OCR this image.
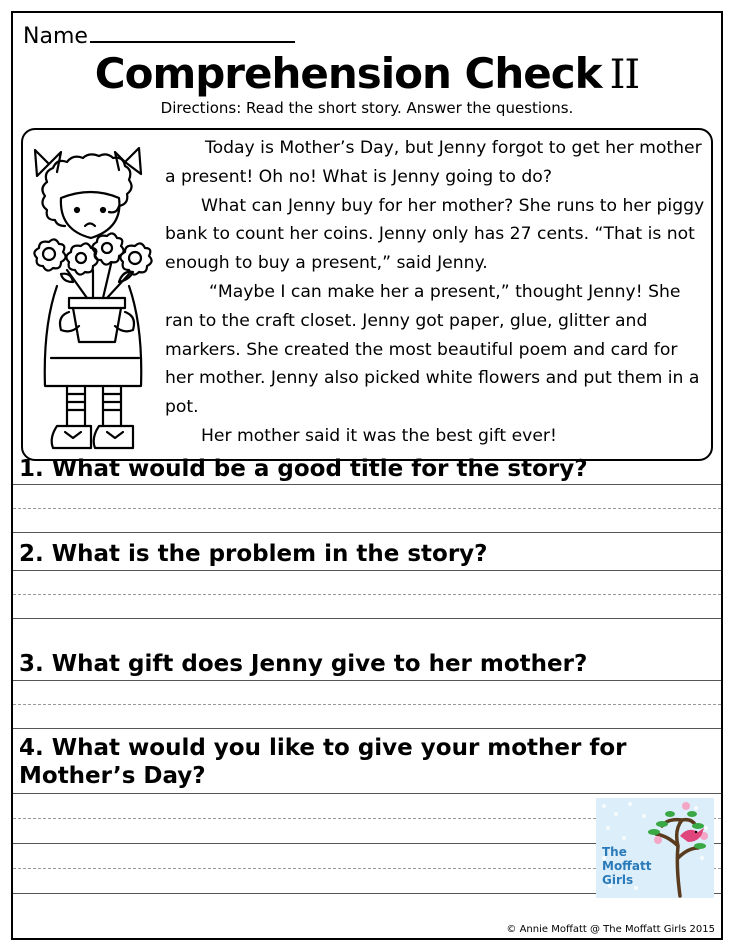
Name
Comprehension Check II
Directions: Read the short story. Answer the questions.

Today is Mother’s Day, but Jenny forgot to get her mother a present! Oh no! What is Jenny going to do?

What can Jenny buy for her mother? She runs to her piggy bank to count her coins. Jenny only has 27 cents. “That is not enough to buy a present,” said Jenny.

“Maybe I can make her a present,” thought Jenny! She ran to the craft closet. Jenny got paper, glue, glitter and markers. She created the most beautiful poem and card for her mother. Jenny also picked white flowers and put them in a pot.

Her mother said it was the best gift ever!

1. What would be a good title for the story?
2. What is the problem in the story?
3. What gift does Jenny give to her mother?
4. What would you like to give your mother for Mother’s Day?
The
Moffatt
Girls
© Annie Moffatt @ The Moffatt Girls 2015
